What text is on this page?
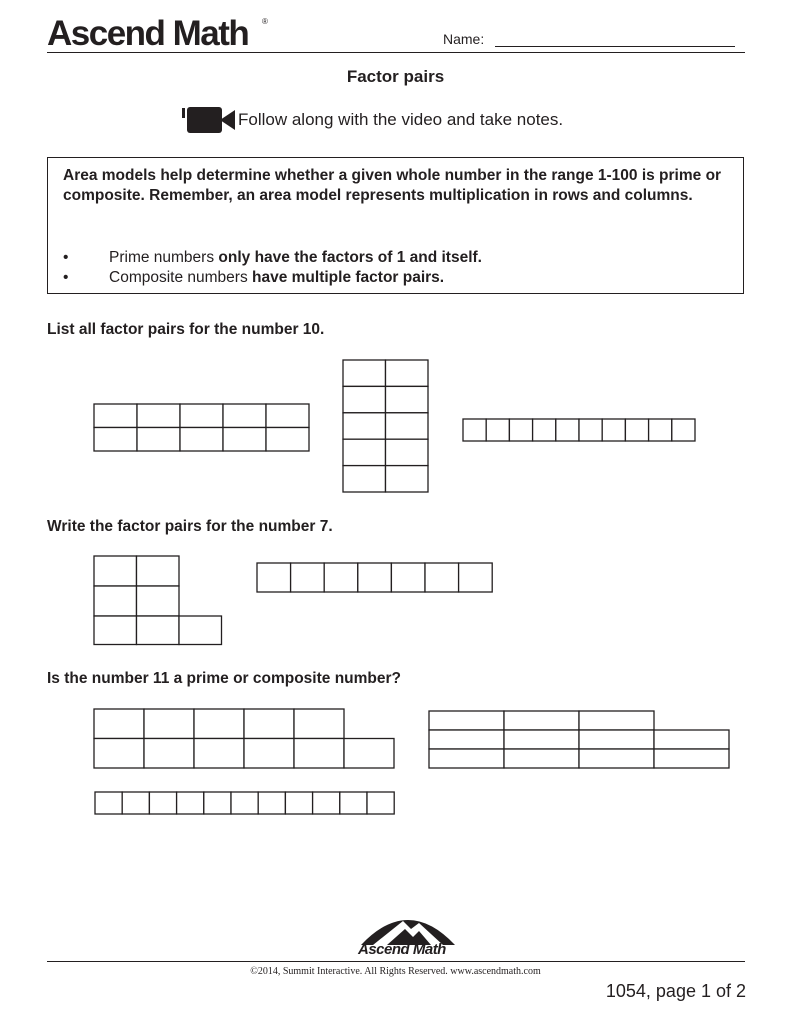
Ascend Math ®
Name:
Factor pairs
Follow along with the video and take notes.

Area models help determine whether a given whole number in the range 1-100 is prime or composite. Remember, an area model represents multiplication in rows and columns.

•	Prime numbers only have the factors of 1 and itself.
•	Composite numbers have multiple factor pairs.
List all factor pairs for the number 10.
Write the factor pairs for the number 7.
Is the number 11 a prime or composite number?
Ascend Math
©2014, Summit Interactive. All Rights Reserved. www.ascendmath.com
1054, page 1 of 2
